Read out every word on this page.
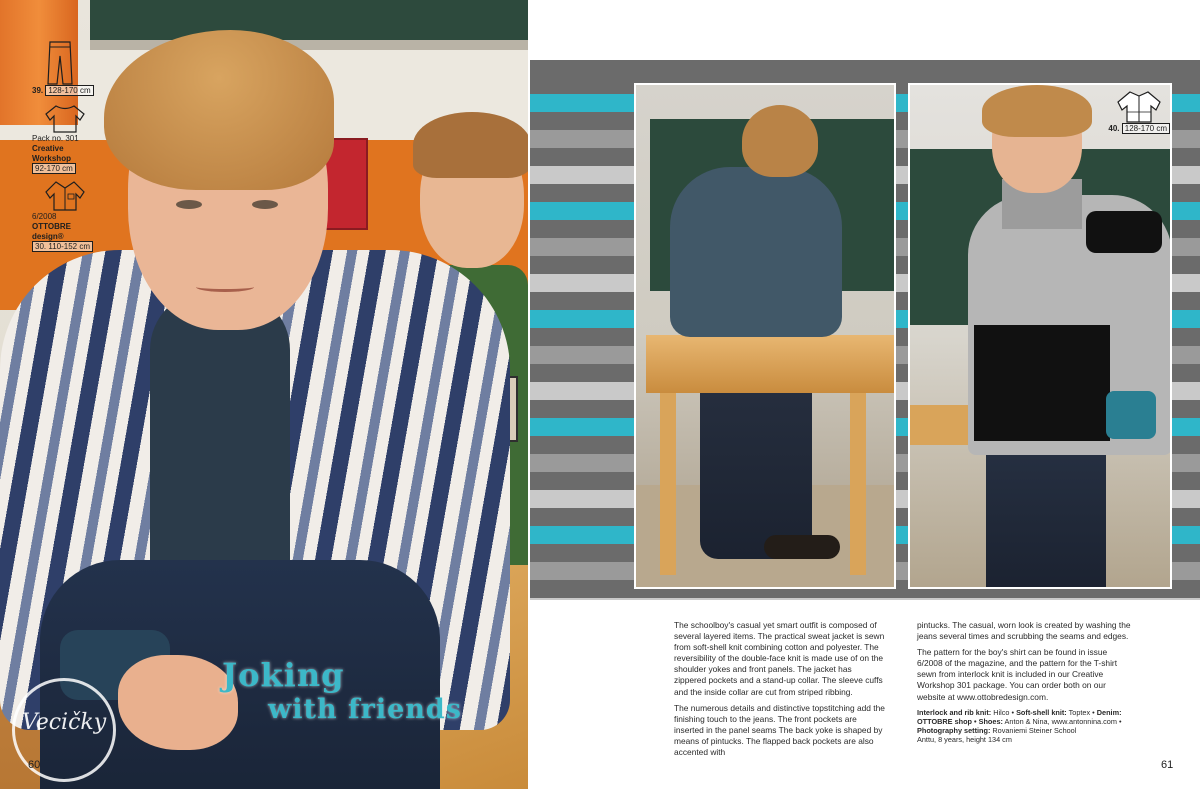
39. 128-170 cm
Pack no. 301
Creative Workshop
92-170 cm
6/2008
OTTOBRE design®
30. 110-152 cm
Joking
with friends
Vecičky
60
40. 128-170 cm

The schoolboy's casual yet smart outfit is composed of several layered items. The practical sweat jacket is sewn from soft-shell knit combining cotton and polyester. The reversibility of the double-face knit is made use of on the shoulder yokes and front panels. The jacket has zippered pockets and a stand-up collar. The sleeve cuffs and the inside collar are cut from striped ribbing.

The numerous details and distinctive topstitching add the finishing touch to the jeans. The front pockets are inserted in the panel seams The back yoke is shaped by means of pintucks. The flapped back pockets are also accented with

pintucks. The casual, worn look is created by washing the jeans several times and scrubbing the seams and edges.

The pattern for the boy's shirt can be found in issue 6/2008 of the magazine, and the pattern for the T-shirt sewn from interlock knit is included in our Creative Workshop 301 package. You can order both on our website at www.ottobredesign.com.

Interlock and rib knit: Hilco • Soft-shell knit: Toptex • Denim:
OTTOBRE shop • Shoes: Anton & Nina, www.antonnina.com •
Photography setting: Rovaniemi Steiner School
Anttu, 8 years, height 134 cm

61
